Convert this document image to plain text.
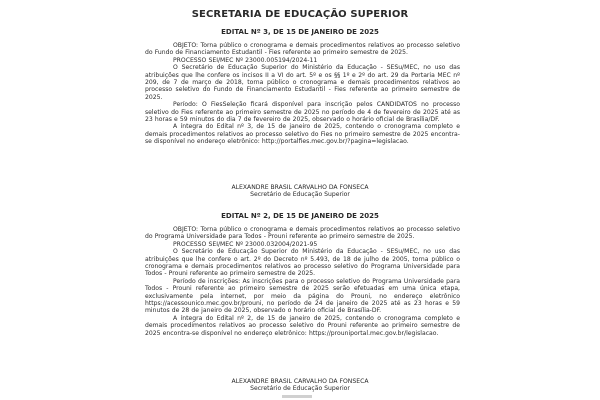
SECRETARIA DE EDUCAÇÃO SUPERIOR
EDITAL Nº 3, DE 15 DE JANEIRO DE 2025

OBJETO: Torna público o cronograma e demais procedimentos relativos ao processo seletivo do Fundo de Financiamento Estudantil - Fies referente ao primeiro semestre de 2025.

PROCESSO SEI/MEC Nº 23000.005194/2024-11

O Secretário de Educação Superior do Ministério da Educação - SESu/MEC, no uso das atribuições que lhe confere os incisos II a VI do art. 5º e os §§ 1º e 2º do art. 29 da Portaria MEC nº 209, de 7 de março de 2018, torna público o cronograma e demais procedimentos relativos ao processo seletivo do Fundo de Financiamento Estudantil - Fies referente ao primeiro semestre de 2025.

Período: O FiesSeleção ficará disponível para inscrição pelos CANDIDATOS no processo seletivo do Fies referente ao primeiro semestre de 2025 no período de 4 de fevereiro de 2025 até as 23 horas e 59 minutos do dia 7 de fevereiro de 2025, observado o horário oficial de Brasília/DF.

A íntegra do Edital nº 3, de 15 de janeiro de 2025, contendo o cronograma completo e demais procedimentos relativos ao processo seletivo do Fies no primeiro semestre de 2025 encontra-se disponível no endereço eletrônico: http://portalfies.mec.gov.br/?pagina=legislacao.

ALEXANDRE BRASIL CARVALHO DA FONSECA
Secretário de Educação Superior
EDITAL Nº 2, DE 15 DE JANEIRO DE 2025

OBJETO: Torna público o cronograma e demais procedimentos relativos ao processo seletivo do Programa Universidade para Todos - Prouni referente ao primeiro semestre de 2025.

PROCESSO SEI/MEC Nº 23000.032004/2021-95

O Secretário de Educação Superior do Ministério da Educação - SESu/MEC, no uso das atribuições que lhe confere o art. 2º do Decreto nº 5.493, de 18 de julho de 2005, torna público o cronograma e demais procedimentos relativos ao processo seletivo do Programa Universidade para Todos - Prouni referente ao primeiro semestre de 2025.

Período de inscrições: As inscrições para o processo seletivo do Programa Universidade para Todos - Prouni referente ao primeiro semestre de 2025 serão efetuadas em uma única etapa, exclusivamente pela internet, por meio da página do Prouni, no endereço eletrônico https://acessounico.mec.gov.br/prouni, no período de 24 de janeiro de 2025 até as 23 horas e 59 minutos de 28 de janeiro de 2025, observado o horário oficial de Brasília-DF.

A íntegra do Edital nº 2, de 15 de janeiro de 2025, contendo o cronograma completo e demais procedimentos relativos ao processo seletivo do Prouni referente ao primeiro semestre de 2025 encontra-se disponível no endereço eletrônico: https://prouniportal.mec.gov.br/legislacao.

ALEXANDRE BRASIL CARVALHO DA FONSECA
Secretário de Educação Superior
